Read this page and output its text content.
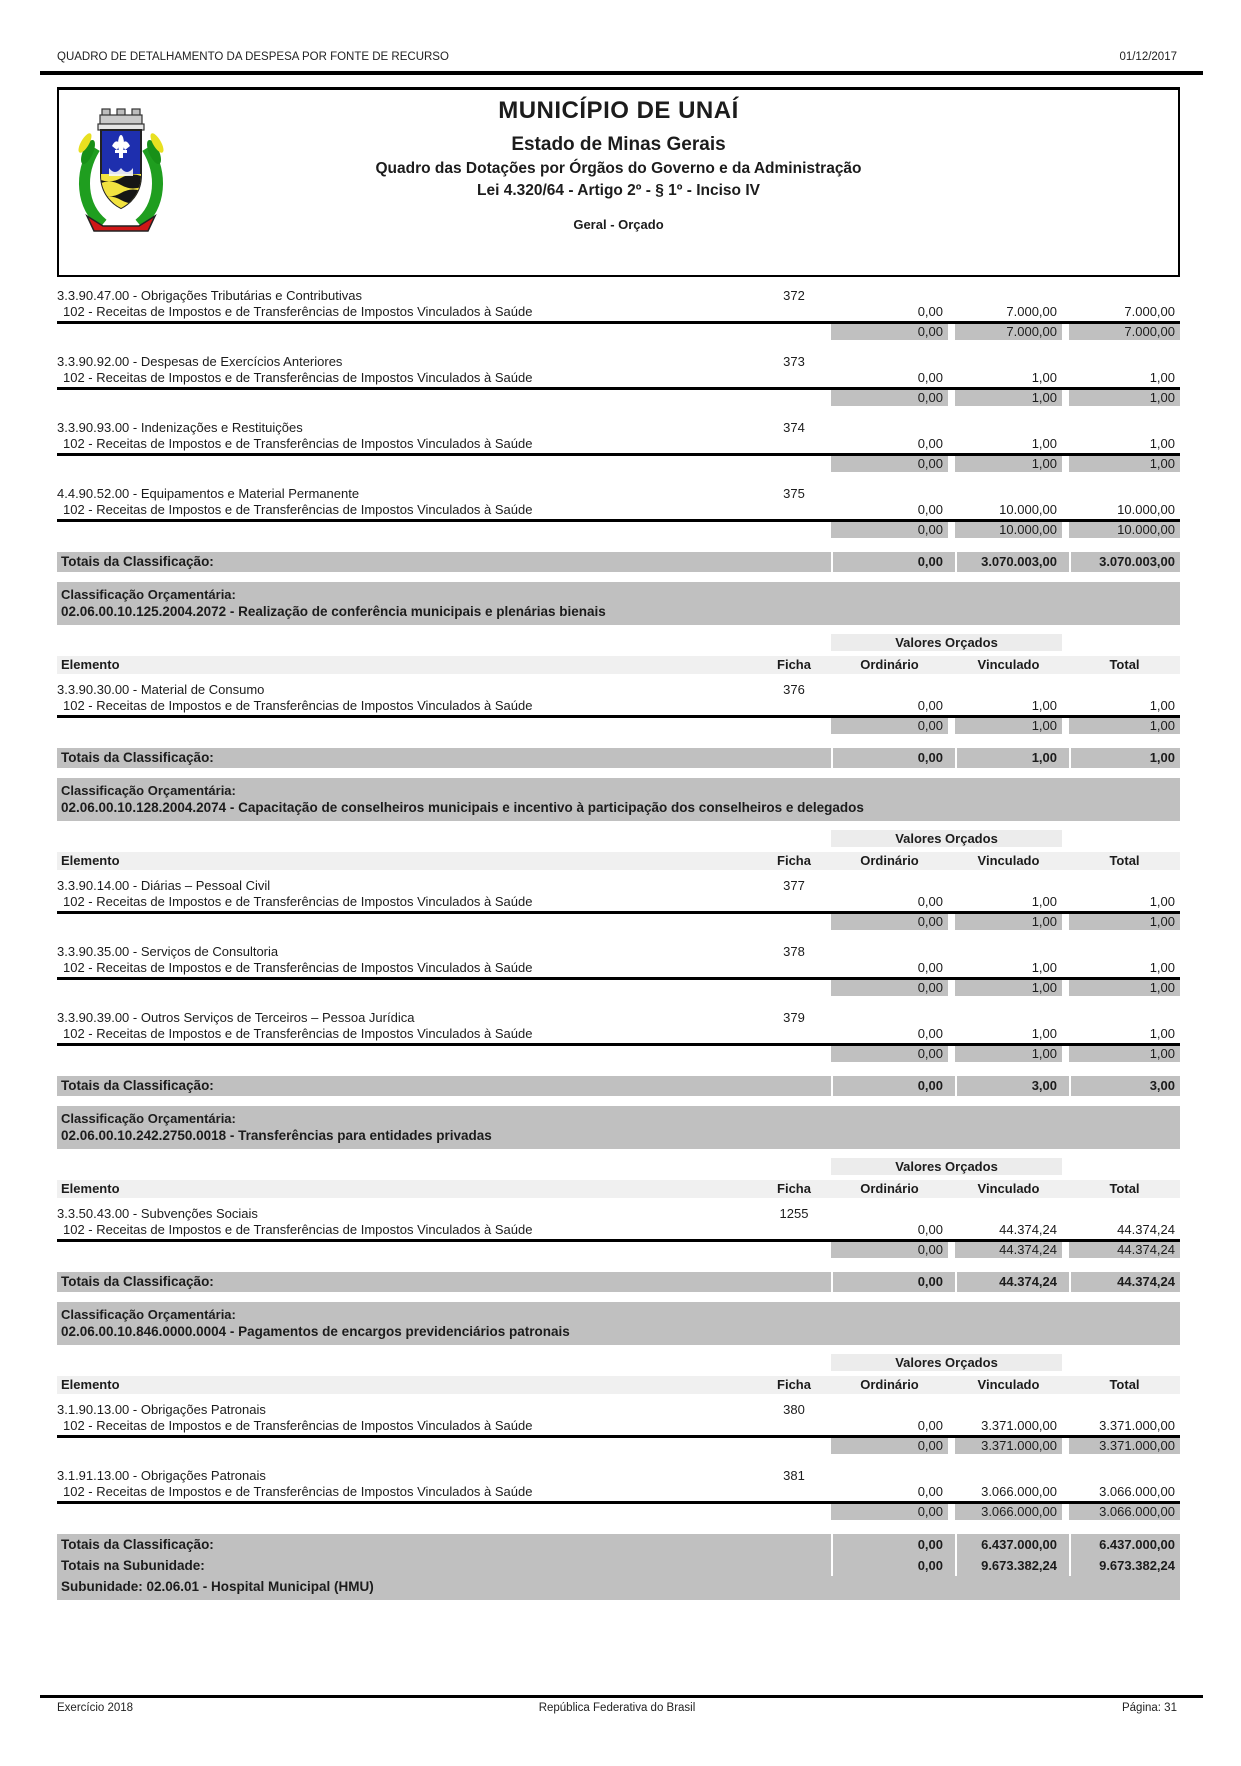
QUADRO DE DETALHAMENTO DA DESPESA POR FONTE DE RECURSO	01/12/2017
MUNICÍPIO DE UNAÍ
Estado de Minas Gerais
Quadro das Dotações por Órgãos do Governo e da Administração
Lei 4.320/64 - Artigo 2º - § 1º - Inciso IV
Geral - Orçado
3.3.90.47.00 - Obrigações Tributárias e Contributivas	372
102 - Receitas de Impostos e de Transferências de Impostos Vinculados à Saúde	0,00	7.000,00	7.000,00
0,00	7.000,00	7.000,00
3.3.90.92.00 - Despesas de Exercícios Anteriores	373
102 - Receitas de Impostos e de Transferências de Impostos Vinculados à Saúde	0,00	1,00	1,00
0,00	1,00	1,00
3.3.90.93.00 - Indenizações e Restituições	374
102 - Receitas de Impostos e de Transferências de Impostos Vinculados à Saúde	0,00	1,00	1,00
0,00	1,00	1,00
4.4.90.52.00 - Equipamentos e Material Permanente	375
102 - Receitas de Impostos e de Transferências de Impostos Vinculados à Saúde	0,00	10.000,00	10.000,00
0,00	10.000,00	10.000,00
Totais da Classificação:	0,00	3.070.003,00	3.070.003,00
Classificação Orçamentária:
02.06.00.10.125.2004.2072 - Realização de conferência municipais e plenárias bienais
Valores Orçados
Elemento	Ficha	Ordinário	Vinculado	Total
3.3.90.30.00 - Material de Consumo	376
102 - Receitas de Impostos e de Transferências de Impostos Vinculados à Saúde	0,00	1,00	1,00
0,00	1,00	1,00
Totais da Classificação:	0,00	1,00	1,00
Classificação Orçamentária:
02.06.00.10.128.2004.2074 - Capacitação de conselheiros municipais e incentivo à participação dos conselheiros e delegados
Valores Orçados
Elemento	Ficha	Ordinário	Vinculado	Total
3.3.90.14.00 - Diárias – Pessoal Civil	377
102 - Receitas de Impostos e de Transferências de Impostos Vinculados à Saúde	0,00	1,00	1,00
0,00	1,00	1,00
3.3.90.35.00 - Serviços de Consultoria	378
102 - Receitas de Impostos e de Transferências de Impostos Vinculados à Saúde	0,00	1,00	1,00
0,00	1,00	1,00
3.3.90.39.00 - Outros Serviços de Terceiros – Pessoa Jurídica	379
102 - Receitas de Impostos e de Transferências de Impostos Vinculados à Saúde	0,00	1,00	1,00
0,00	1,00	1,00
Totais da Classificação:	0,00	3,00	3,00
Classificação Orçamentária:
02.06.00.10.242.2750.0018 - Transferências para entidades privadas
Valores Orçados
Elemento	Ficha	Ordinário	Vinculado	Total
3.3.50.43.00 - Subvenções Sociais	1255
102 - Receitas de Impostos e de Transferências de Impostos Vinculados à Saúde	0,00	44.374,24	44.374,24
0,00	44.374,24	44.374,24
Totais da Classificação:	0,00	44.374,24	44.374,24
Classificação Orçamentária:
02.06.00.10.846.0000.0004 - Pagamentos de encargos previdenciários patronais
Valores Orçados
Elemento	Ficha	Ordinário	Vinculado	Total
3.1.90.13.00 - Obrigações Patronais	380
102 - Receitas de Impostos e de Transferências de Impostos Vinculados à Saúde	0,00	3.371.000,00	3.371.000,00
0,00	3.371.000,00	3.371.000,00
3.1.91.13.00 - Obrigações Patronais	381
102 - Receitas de Impostos e de Transferências de Impostos Vinculados à Saúde	0,00	3.066.000,00	3.066.000,00
0,00	3.066.000,00	3.066.000,00
Totais da Classificação:	0,00	6.437.000,00	6.437.000,00
Totais na Subunidade:	0,00	9.673.382,24	9.673.382,24
Subunidade: 02.06.01 - Hospital Municipal (HMU)
Exercício 2018	República Federativa do Brasil	Página: 31
